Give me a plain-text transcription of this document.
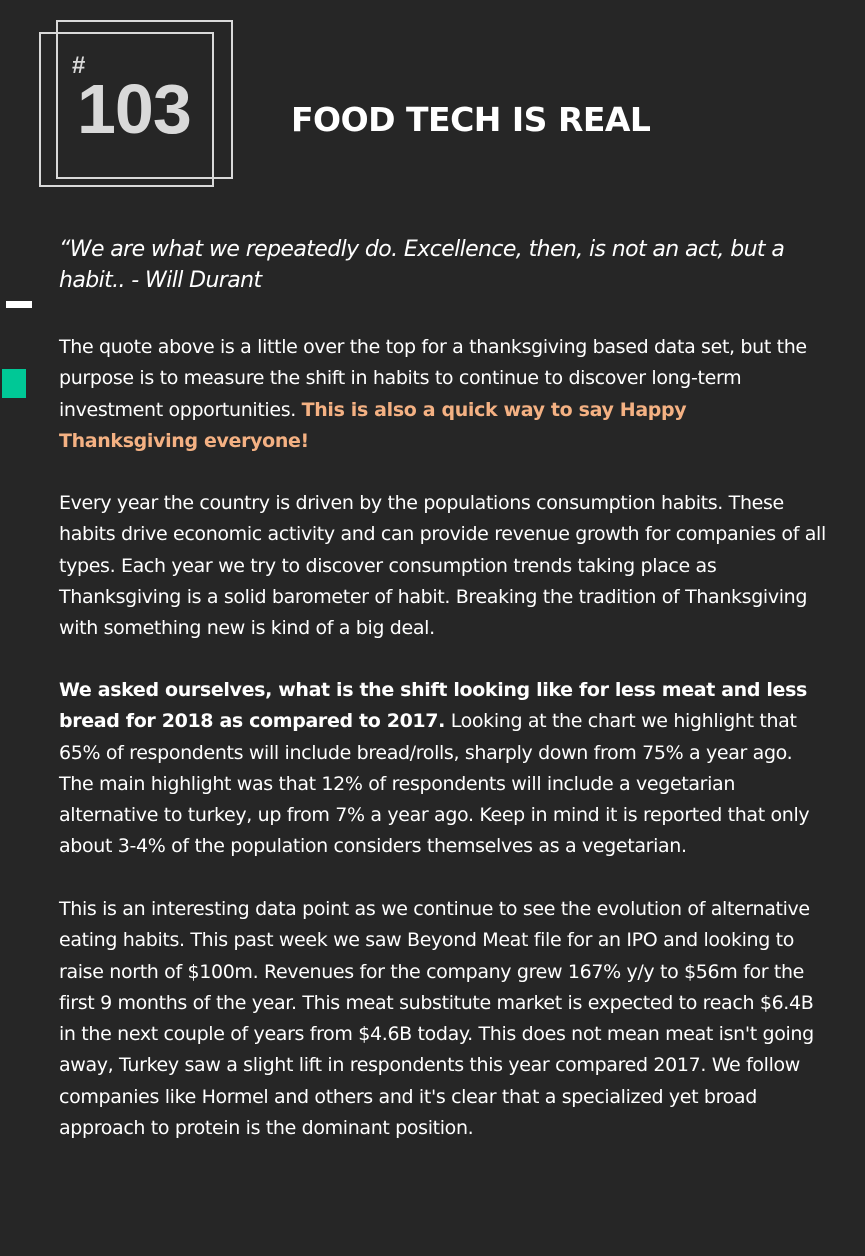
#
103	FOOD TECH IS REAL

“We are what we repeatedly do. Excellence, then, is not an act, but a habit.. - Will Durant

The quote above is a little over the top for a thanksgiving based data set, but the purpose is to measure the shift in habits to continue to discover long-term investment opportunities. This is also a quick way to say Happy Thanksgiving everyone!

Every year the country is driven by the populations consumption habits. These habits drive economic activity and can provide revenue growth for companies of all types. Each year we try to discover consumption trends taking place as Thanksgiving is a solid barometer of habit. Breaking the tradition of Thanksgiving with something new is kind of a big deal.

We asked ourselves, what is the shift looking like for less meat and less bread for 2018 as compared to 2017. Looking at the chart we highlight that 65% of respondents will include bread/rolls, sharply down from 75% a year ago. The main highlight was that 12% of respondents will include a vegetarian alternative to turkey, up from 7% a year ago. Keep in mind it is reported that only about 3-4% of the population considers themselves as a vegetarian.

This is an interesting data point as we continue to see the evolution of alternative eating habits. This past week we saw Beyond Meat file for an IPO and looking to raise north of $100m. Revenues for the company grew 167% y/y to $56m for the first 9 months of the year. This meat substitute market is expected to reach $6.4B in the next couple of years from $4.6B today. This does not mean meat isn't going away, Turkey saw a slight lift in respondents this year compared 2017. We follow companies like Hormel and others and it's clear that a specialized yet broad approach to protein is the dominant position.
